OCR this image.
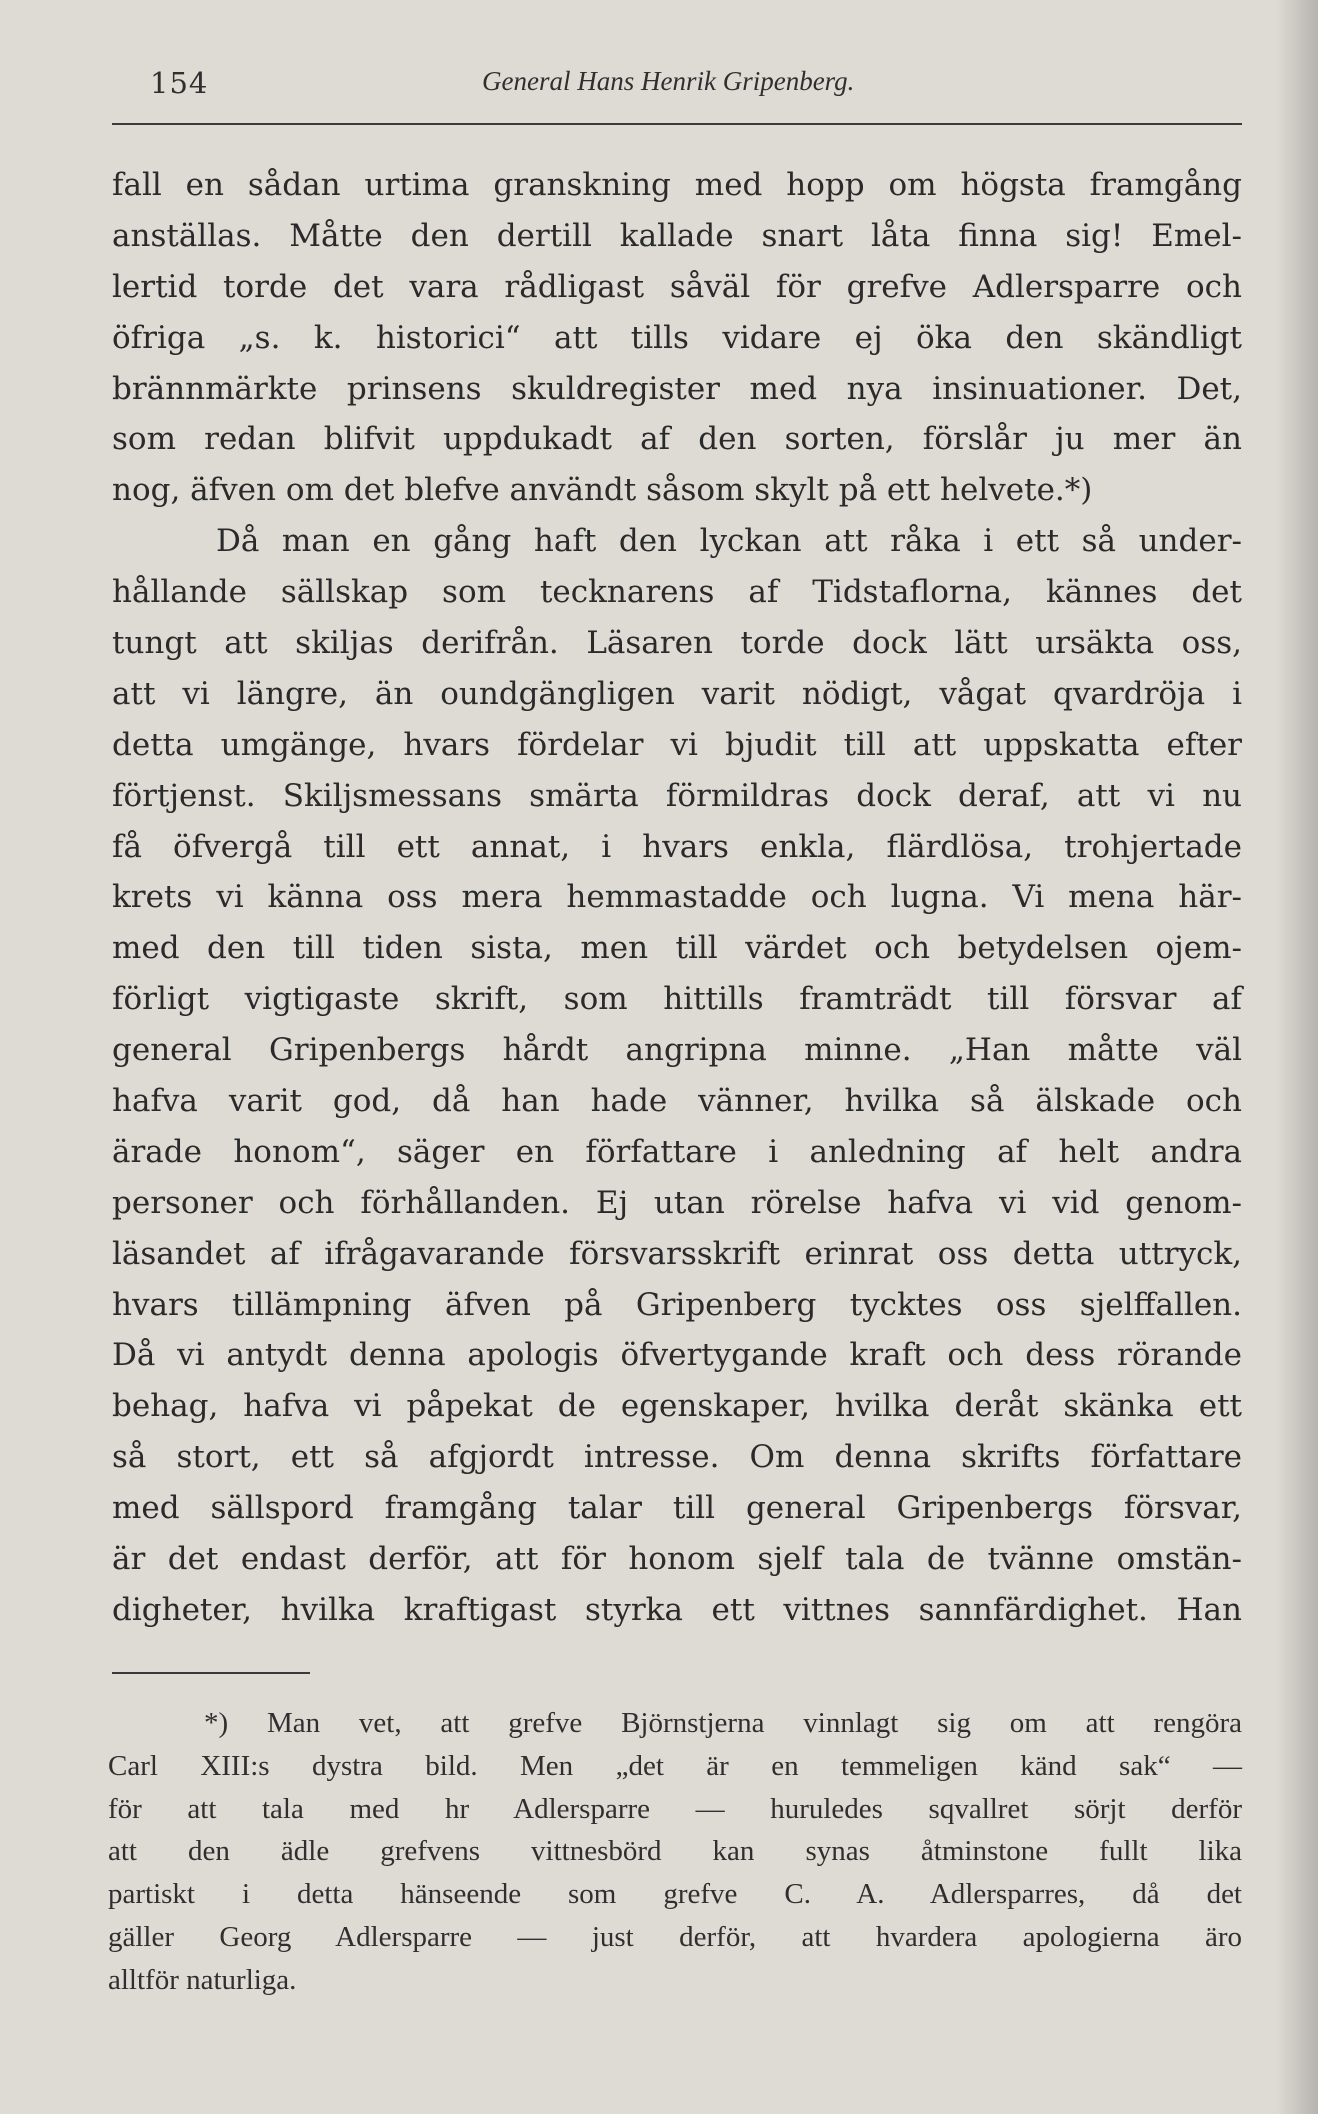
154	General Hans Henrik Gripenberg.
fall en sådan urtima granskning med hopp om högsta framgång
anställas. Måtte den dertill kallade snart låta finna sig! Emel-
lertid torde det vara rådligast såväl för grefve Adlersparre och
öfriga „s. k. historici“ att tills vidare ej öka den skändligt
brännmärkte prinsens skuldregister med nya insinuationer. Det,
som redan blifvit uppdukadt af den sorten, förslår ju mer än
nog, äfven om det blefve användt såsom skylt på ett helvete.*)
Då man en gång haft den lyckan att råka i ett så under-
hållande sällskap som tecknarens af Tidstaflorna, kännes det
tungt att skiljas derifrån. Läsaren torde dock lätt ursäkta oss,
att vi längre, än oundgängligen varit nödigt, vågat qvardröja i
detta umgänge, hvars fördelar vi bjudit till att uppskatta efter
förtjenst. Skiljsmessans smärta förmildras dock deraf, att vi nu
få öfvergå till ett annat, i hvars enkla, flärdlösa, trohjertade
krets vi känna oss mera hemmastadde och lugna. Vi mena här-
med den till tiden sista, men till värdet och betydelsen ojem-
förligt vigtigaste skrift, som hittills framträdt till försvar af
general Gripenbergs hårdt angripna minne. „Han måtte väl
hafva varit god, då han hade vänner, hvilka så älskade och
ärade honom“, säger en författare i anledning af helt andra
personer och förhållanden. Ej utan rörelse hafva vi vid genom-
läsandet af ifrågavarande försvarsskrift erinrat oss detta uttryck,
hvars tillämpning äfven på Gripenberg tycktes oss sjelffallen.
Då vi antydt denna apologis öfvertygande kraft och dess rörande
behag, hafva vi påpekat de egenskaper, hvilka deråt skänka ett
så stort, ett så afgjordt intresse. Om denna skrifts författare
med sällspord framgång talar till general Gripenbergs försvar,
är det endast derför, att för honom sjelf tala de tvänne omstän-
digheter, hvilka kraftigast styrka ett vittnes sannfärdighet. Han
*) Man vet, att grefve Björnstjerna vinnlagt sig om att rengöra
Carl XIII:s dystra bild. Men „det är en temmeligen känd sak“ —
för att tala med hr Adlersparre — huruledes sqvallret sörjt derför
att den ädle grefvens vittnesbörd kan synas åtminstone fullt lika
partiskt i detta hänseende som grefve C. A. Adlersparres, då det
gäller Georg Adlersparre — just derför, att hvardera apologierna äro
alltför naturliga.
